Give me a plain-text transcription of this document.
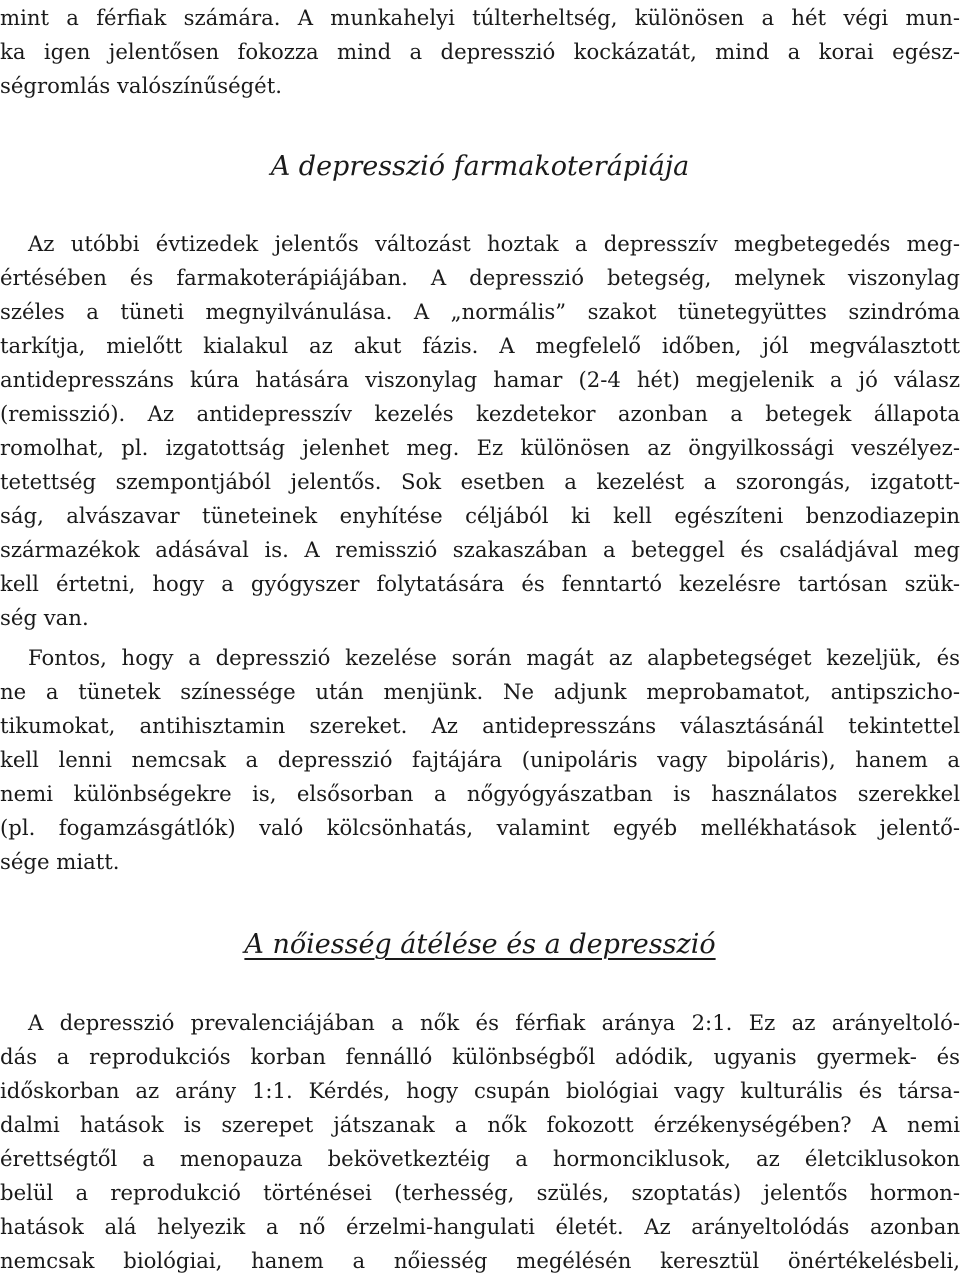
mint a férfiak számára. A munkahelyi túlterheltség, különösen a hét végi mun-
ka igen jelentősen fokozza mind a depresszió kockázatát, mind a korai egész-
ségromlás valószínűségét.
A depresszió farmakoterápiája
Az utóbbi évtizedek jelentős változást hoztak a depresszív megbetegedés meg-
értésében és farmakoterápiájában. A depresszió betegség, melynek viszonylag
széles a tüneti megnyilvánulása. A „normális” szakot tünetegyüttes szindróma
tarkítja, mielőtt kialakul az akut fázis. A megfelelő időben, jól megválasztott
antidepresszáns kúra hatására viszonylag hamar (2-4 hét) megjelenik a jó válasz
(remisszió). Az antidepresszív kezelés kezdetekor azonban a betegek állapota
romolhat, pl. izgatottság jelenhet meg. Ez különösen az öngyilkossági veszélyez-
tetettség szempontjából jelentős. Sok esetben a kezelést a szorongás, izgatott-
ság, alvászavar tüneteinek enyhítése céljából ki kell egészíteni benzodiazepin
származékok adásával is. A remisszió szakaszában a beteggel és családjával meg
kell értetni, hogy a gyógyszer folytatására és fenntartó kezelésre tartósan szük-
ség van.
Fontos, hogy a depresszió kezelése során magát az alapbetegséget kezeljük, és
ne a tünetek színessége után menjünk. Ne adjunk meprobamatot, antipszicho-
tikumokat, antihisztamin szereket. Az antidepresszáns választásánál tekintettel
kell lenni nemcsak a depresszió fajtájára (unipoláris vagy bipoláris), hanem a
nemi különbségekre is, elsősorban a nőgyógyászatban is használatos szerekkel
(pl. fogamzásgátlók) való kölcsönhatás, valamint egyéb mellékhatások jelentő-
sége miatt.
A nőiesség átélése és a depresszió
A depresszió prevalenciájában a nők és férfiak aránya 2:1. Ez az arányeltoló-
dás a reprodukciós korban fennálló különbségből adódik, ugyanis gyermek- és
időskorban az arány 1:1. Kérdés, hogy csupán biológiai vagy kulturális és társa-
dalmi hatások is szerepet játszanak a nők fokozott érzékenységében? A nemi
érettségtől a menopauza bekövetkeztéig a hormonciklusok, az életciklusokon
belül a reprodukció történései (terhesség, szülés, szoptatás) jelentős hormon-
hatások alá helyezik a nő érzelmi-hangulati életét. Az arányeltolódás azonban
nemcsak biológiai, hanem a nőiesség megélésén keresztül önértékelésbeli,
